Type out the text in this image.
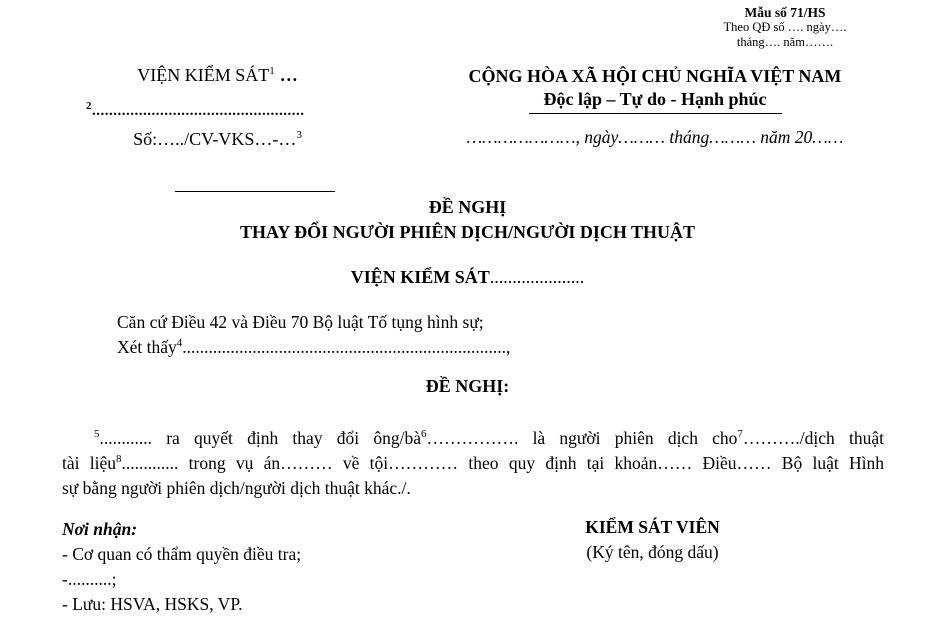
Mẫu số 71/HS
Theo QĐ số …. ngày….
tháng…. năm…….
VIỆN KIỂM SÁT$^1$ …
$^2$..................................................
Số:…../CV-VKS…-…$^3$
CỘNG HÒA XÃ HỘI CHỦ NGHĨA VIỆT NAM
Độc lập – Tự do - Hạnh phúc
…………………, ngày……… tháng……… năm 20……
ĐỀ NGHỊ
THAY ĐỔI NGƯỜI PHIÊN DỊCH/NGƯỜI DỊCH THUẬT
VIỆN KIỂM SÁT.....................
Căn cứ Điều 42 và Điều 70 Bộ luật Tố tụng hình sự;
Xét thấy$^4$..........................................................................,
ĐỀ NGHỊ:
$^5$............ ra quyết định thay đổi ông/$bà^6\dots\dots\dots\dots\dots$. là người phiên dịch cho$^7$………./dịch thuật
tài liệu$^8$............. trong vụ án……… về tội………… theo quy định tại khoản…… Điều…… Bộ luật Hình
sự bằng người phiên dịch/người dịch thuật khác./.
Nơi nhận:
- Cơ quan có thẩm quyền điều tra;
-..........;
- Lưu: HSVA, HSKS, VP.
KIỂM SÁT VIÊN
(Ký tên, đóng dấu)
